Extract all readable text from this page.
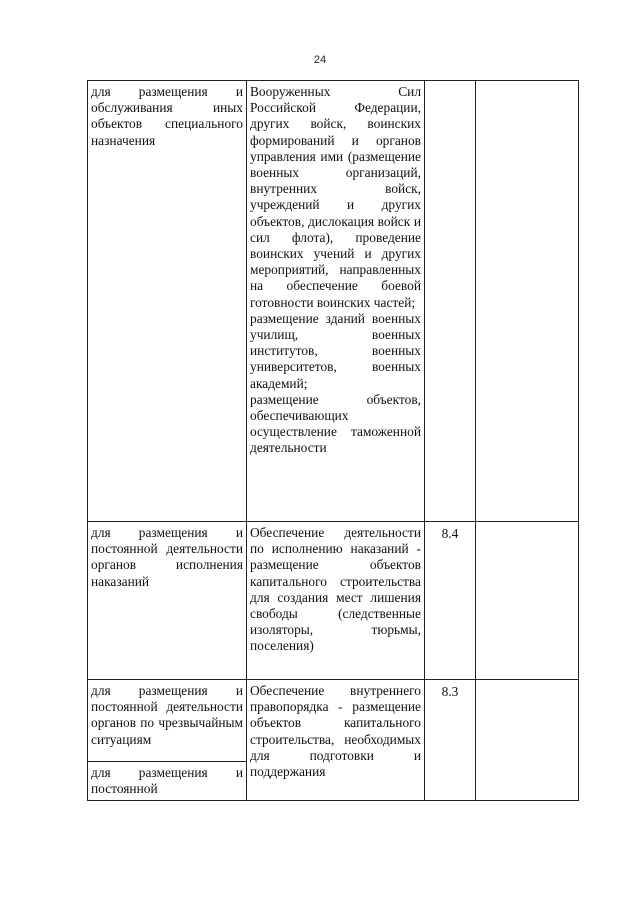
24
для размещения и обслуживания иных объектов специального назначения	Вооруженных Сил Российской Федерации, других войск, воинских формирований и органов управления ими (размещение военных организаций, внутренних войск, учреждений и других объектов, дислокация войск и сил флота), проведение воинских учений и других мероприятий, направленных на обеспечение боевой готовности воинских частей;
размещение зданий военных училищ, военных институтов, военных университетов, военных академий;
размещение объектов, обеспечивающих осуществление таможенной деятельности		
для размещения и постоянной деятельности органов исполнения наказаний	Обеспечение деятельности по исполнению наказаний - размещение объектов капитального строительства для создания мест лишения свободы (следственные изоляторы, тюрьмы, поселения)	8.4	
для размещения и постоянной деятельности органов по чрезвычайным ситуациям	Обеспечение внутреннего правопорядка - размещение объектов капитального строительства, необходимых для подготовки и поддержания	8.3	
для размещения и постоянной			
